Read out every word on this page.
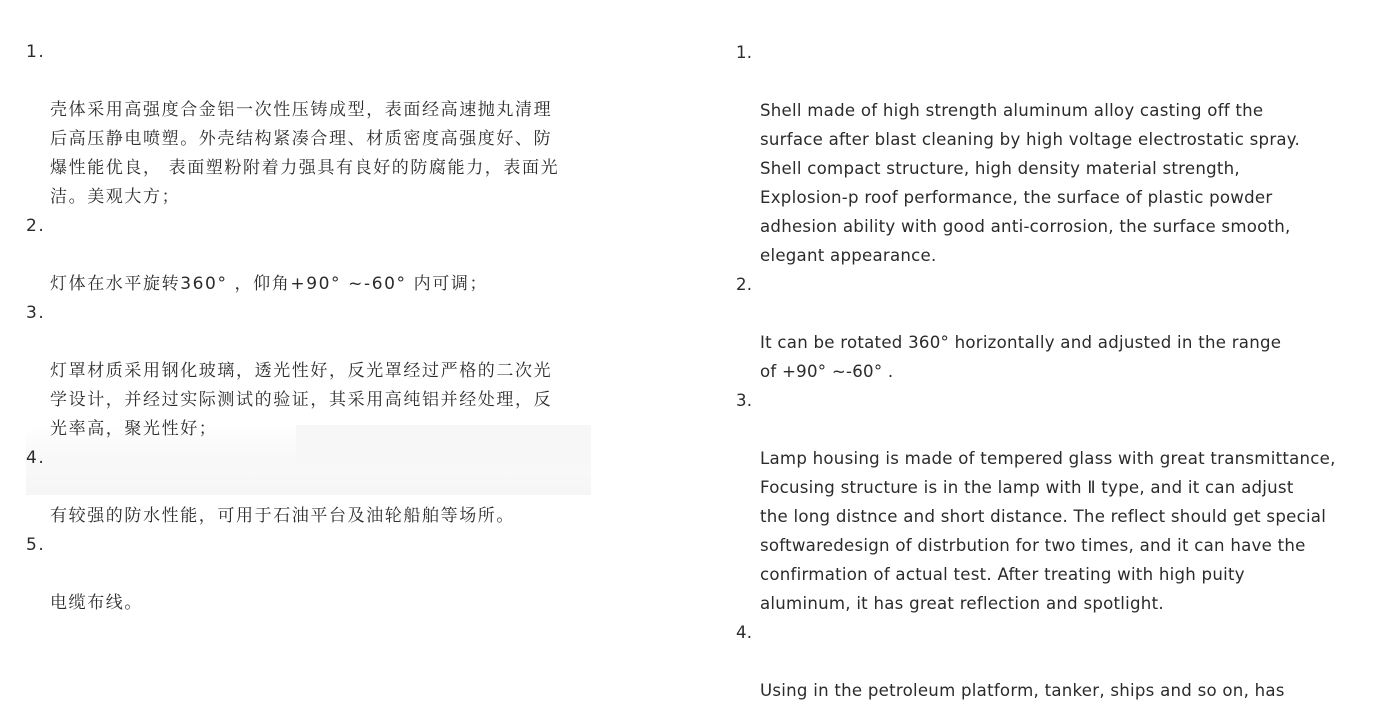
1.

壳体采用高强度合金铝一次性压铸成型，表面经高速抛丸清理
后高压静电喷塑。外壳结构紧凑合理、材质密度高强度好、防
爆性能优良， 表面塑粉附着力强具有良好的防腐能力，表面光
洁。美观大方；

2.

灯体在水平旋转360° ，仰角+90° ~-60° 内可调；

3.

灯罩材质采用钢化玻璃，透光性好，反光罩经过严格的二次光
学设计，并经过实际测试的验证，其采用高纯铝并经处理，反
光率高，聚光性好；

4.

有较强的防水性能，可用于石油平台及油轮船舶等场所。

5.

电缆布线。

1.

Shell made of high strength aluminum alloy casting off the
surface after blast cleaning by high voltage electrostatic spray.
Shell compact structure, high density material strength,
Explosion-p roof performance, the surface of plastic powder
adhesion ability with good anti-corrosion, the surface smooth,
elegant appearance.

2.

It can be rotated 360° horizontally and adjusted in the range
of +90° ~-60° .

3.

Lamp housing is made of tempered glass with great transmittance,
Focusing structure is in the lamp with Ⅱ type, and it can adjust
the long distnce and short distance. The reflect should get special
softwaredesign of distrbution for two times, and it can have the
confirmation of actual test. After treating with high puity
aluminum, it has great reflection and spotlight.

4.

Using in the petroleum platform, tanker, ships and so on, has
